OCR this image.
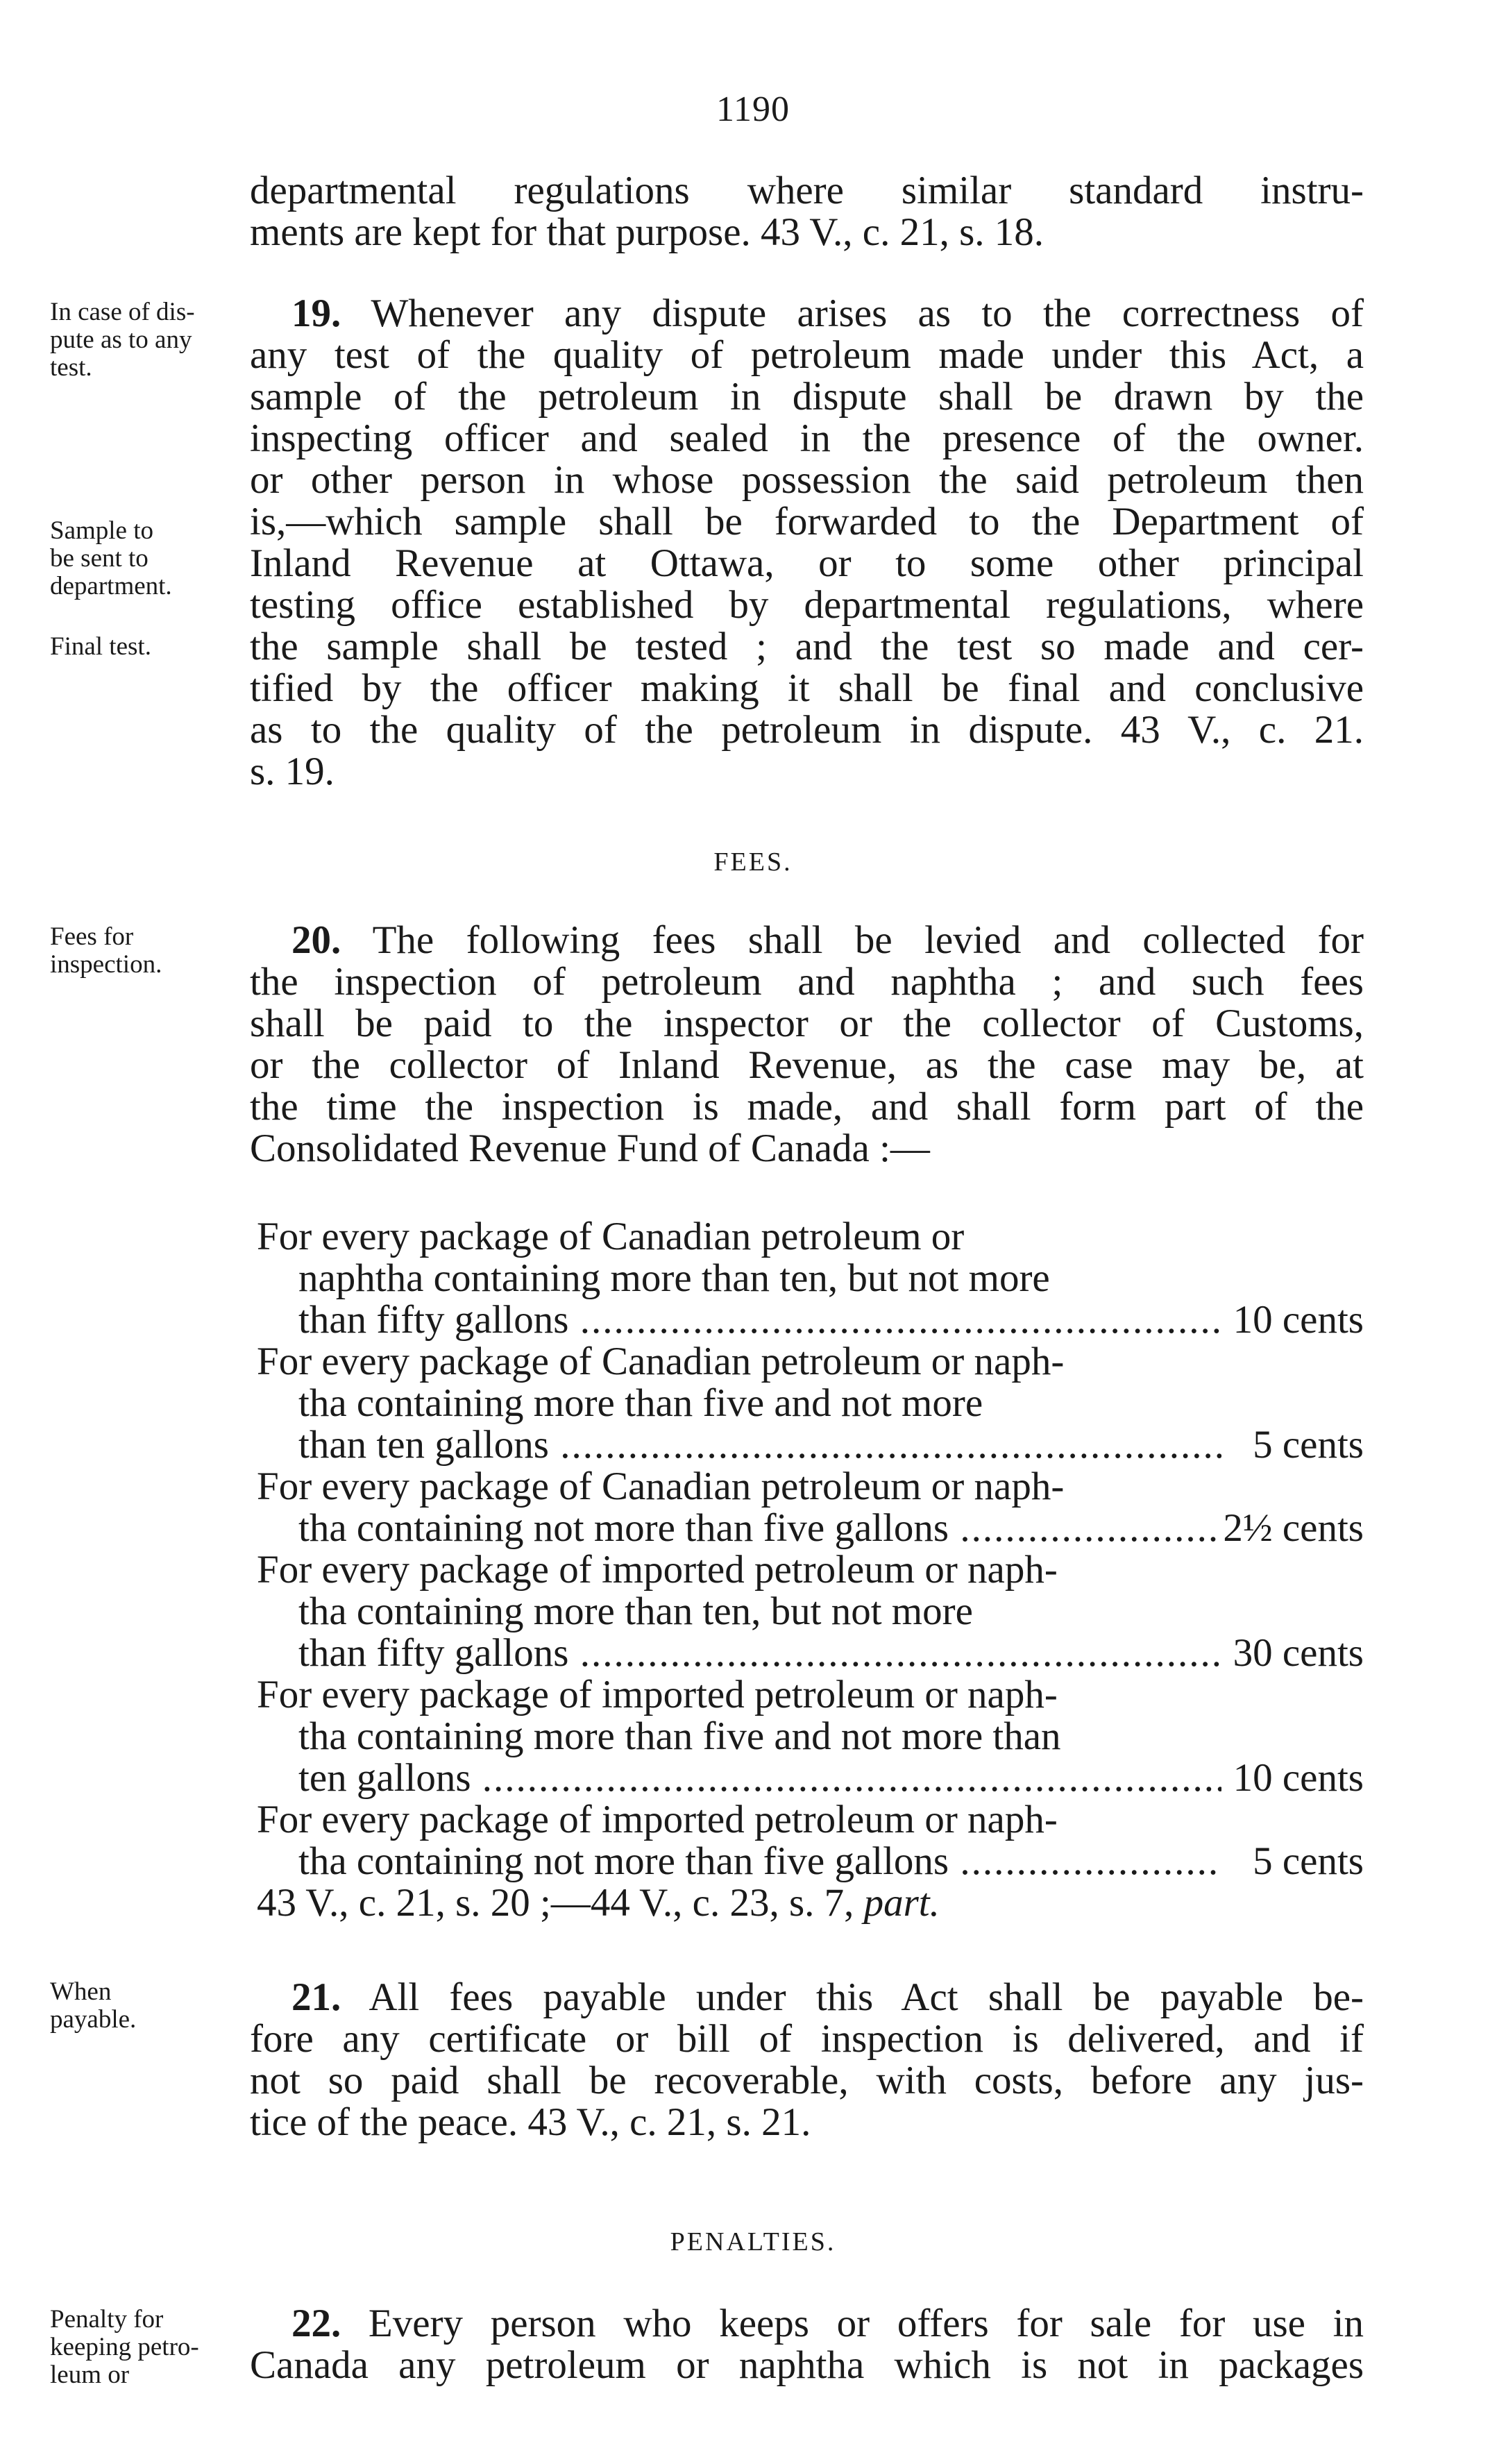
1190
departmental regulations where similar standard instru-
ments are kept for that purpose. 43 V., c. 21, s. 18.
In case of dis-
pute as to any
test.
Sample to
be sent to
department.
Final test.
19. Whenever any dispute arises as to the correctness of
any test of the quality of petroleum made under this Act, a
sample of the petroleum in dispute shall be drawn by the
inspecting officer and sealed in the presence of the owner.
or other person in whose possession the said petroleum then
is,—which sample shall be forwarded to the Department of
Inland Revenue at Ottawa, or to some other principal
testing office established by departmental regulations, where
the sample shall be tested ; and the test so made and cer-
tified by the officer making it shall be final and conclusive
as to the quality of the petroleum in dispute. 43 V., c. 21.
s. 19.
FEES.
Fees for
inspection.
20. The following fees shall be levied and collected for
the inspection of petroleum and naphtha ; and such fees
shall be paid to the inspector or the collector of Customs,
or the collector of Inland Revenue, as the case may be, at
the time the inspection is made, and shall form part of the
Consolidated Revenue Fund of Canada :—
For every package of Canadian petroleum or
naphtha containing more than ten, but not more
than fifty gallons .....	10 cents
For every package of Canadian petroleum or naph-
tha containing more than five and not more
than ten gallons .....	5 cents
For every package of Canadian petroleum or naph-
tha containing not more than five gallons .....	2½ cents
For every package of imported petroleum or naph-
tha containing more than ten, but not more
than fifty gallons .....	30 cents
For every package of imported petroleum or naph-
tha containing more than five and not more than
ten gallons .....	10 cents
For every package of imported petroleum or naph-
tha containing not more than five gallons .....	5 cents
43 V., c. 21, s. 20 ;—44 V., c. 23, s. 7, part.
When
payable.
21. All fees payable under this Act shall be payable be-
fore any certificate or bill of inspection is delivered, and if
not so paid shall be recoverable, with costs, before any jus-
tice of the peace. 43 V., c. 21, s. 21.
PENALTIES.
Penalty for
keeping petro-
leum or
22. Every person who keeps or offers for sale for use in
Canada any petroleum or naphtha which is not in packages
